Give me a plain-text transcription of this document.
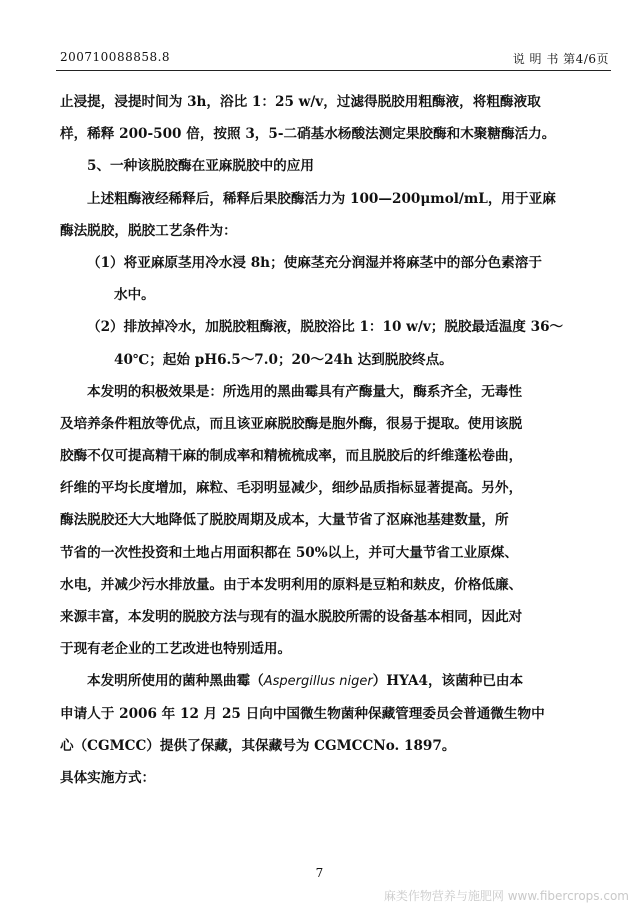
200710088858.8	说 明 书 第4/6页
止浸提，浸提时间为 3h，浴比 1：25 w/v，过滤得脱胶用粗酶液，将粗酶液取
样，稀释 200-500 倍，按照 3，5-二硝基水杨酸法测定果胶酶和木聚糖酶活力。
5、一种该脱胶酶在亚麻脱胶中的应用
上述粗酶液经稀释后，稀释后果胶酶活力为 100—200μmol/mL，用于亚麻
酶法脱胶，脱胶工艺条件为：
（1）将亚麻原茎用冷水浸 8h；使麻茎充分润湿并将麻茎中的部分色素溶于
水中。
（2）排放掉冷水，加脱胶粗酶液，脱胶浴比 1：10 w/v；脱胶最适温度 36～
40℃；起始 pH6.5～7.0；20～24h 达到脱胶终点。
本发明的积极效果是：所选用的黑曲霉具有产酶量大，酶系齐全，无毒性
及培养条件粗放等优点，而且该亚麻脱胶酶是胞外酶，很易于提取。使用该脱
胶酶不仅可提高精干麻的制成率和精梳梳成率，而且脱胶后的纤维蓬松卷曲，
纤维的平均长度增加，麻粒、毛羽明显减少，细纱品质指标显著提高。另外，
酶法脱胶还大大地降低了脱胶周期及成本，大量节省了沤麻池基建数量，所
节省的一次性投资和土地占用面积都在 50%以上，并可大量节省工业原煤、
水电，并减少污水排放量。由于本发明利用的原料是豆粕和麸皮，价格低廉、
来源丰富，本发明的脱胶方法与现有的温水脱胶所需的设备基本相同，因此对
于现有老企业的工艺改进也特别适用。
本发明所使用的菌种黑曲霉（Aspergillus niger）HYA4，该菌种已由本
申请人于 2006 年 12 月 25 日向中国微生物菌种保藏管理委员会普通微生物中
心（CGMCC）提供了保藏，其保藏号为 CGMCCNo. 1897。
具体实施方式：
7
麻类作物营养与施肥网 www.fibercrops.com
